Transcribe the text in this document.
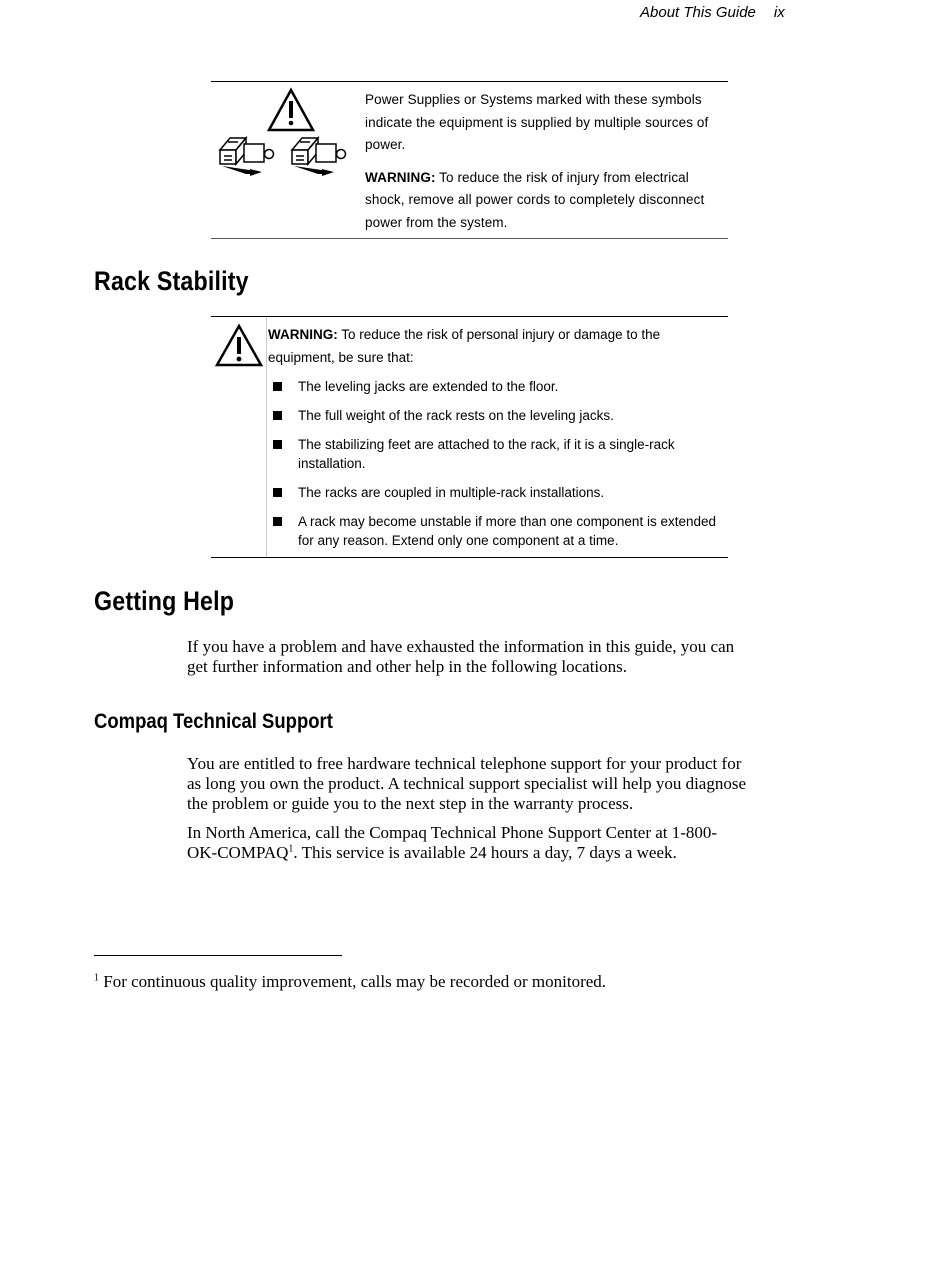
About This Guide ix

Power Supplies or Systems marked with these symbols indicate the equipment is supplied by multiple sources of power.

WARNING: To reduce the risk of injury from electrical shock, remove all power cords to completely disconnect power from the system.

Rack Stability
WARNING: To reduce the risk of personal injury or damage to the equipment, be sure that:
The leveling jacks are extended to the floor.
The full weight of the rack rests on the leveling jacks.
The stabilizing feet are attached to the rack, if it is a single-rack installation.
The racks are coupled in multiple-rack installations.
A rack may become unstable if more than one component is extended for any reason. Extend only one component at a time.
Getting Help

If you have a problem and have exhausted the information in this guide, you can get further information and other help in the following locations.

Compaq Technical Support

You are entitled to free hardware technical telephone support for your product for as long you own the product. A technical support specialist will help you diagnose the problem or guide you to the next step in the warranty process.

In North America, call the Compaq Technical Phone Support Center at 1-800-OK-COMPAQ$^1$. This service is available 24 hours a day, 7 days a week.

$^1$ For continuous quality improvement, calls may be recorded or monitored.
